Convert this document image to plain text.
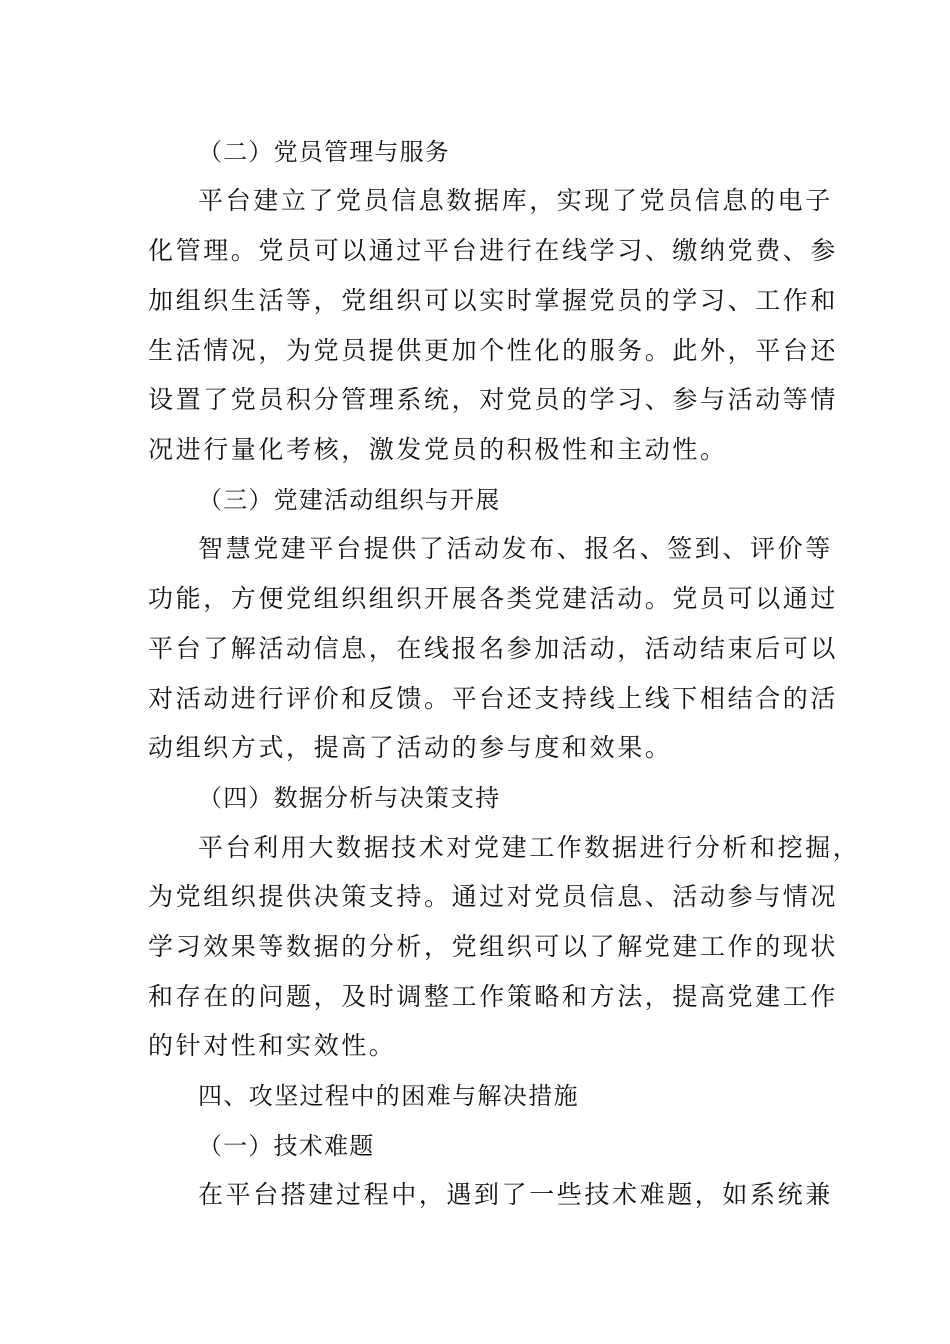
（二）党员管理与服务
平台建立了党员信息数据库，实现了党员信息的电子
化管理。党员可以通过平台进行在线学习、缴纳党费、参
加组织生活等，党组织可以实时掌握党员的学习、工作和
生活情况，为党员提供更加个性化的服务。此外，平台还
设置了党员积分管理系统，对党员的学习、参与活动等情
况进行量化考核，激发党员的积极性和主动性。
（三）党建活动组织与开展
智慧党建平台提供了活动发布、报名、签到、评价等
功能，方便党组织组织开展各类党建活动。党员可以通过
平台了解活动信息，在线报名参加活动，活动结束后可以
对活动进行评价和反馈。平台还支持线上线下相结合的活
动组织方式，提高了活动的参与度和效果。
（四）数据分析与决策支持
平台利用大数据技术对党建工作数据进行分析和挖掘，
为党组织提供决策支持。通过对党员信息、活动参与情况
学习效果等数据的分析，党组织可以了解党建工作的现状
和存在的问题，及时调整工作策略和方法，提高党建工作
的针对性和实效性。
四、攻坚过程中的困难与解决措施
（一）技术难题
在平台搭建过程中，遇到了一些技术难题，如系统兼
